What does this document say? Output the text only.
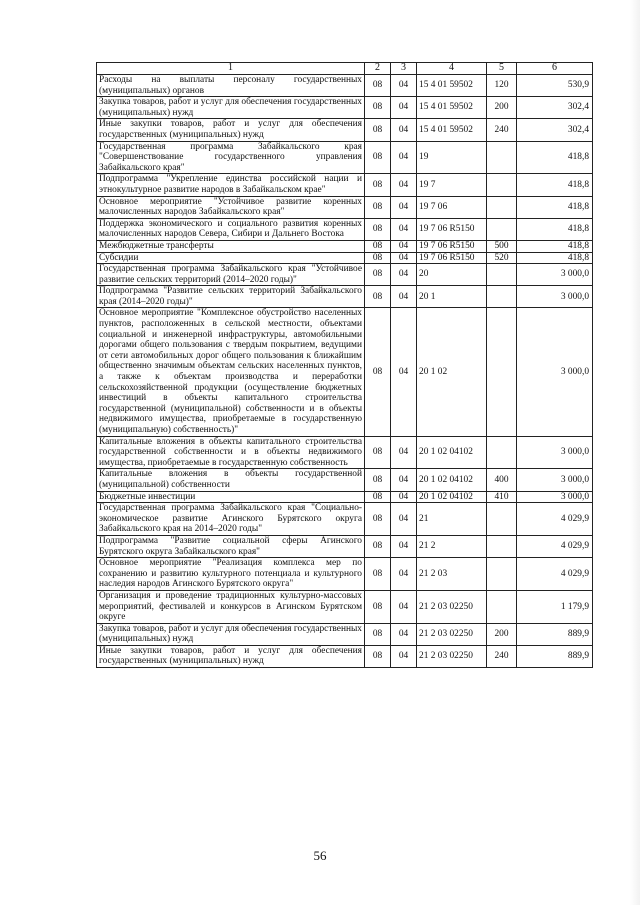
1	2	3	4	5	6
Расходы на выплаты персоналу государственных (муниципальных) органов	08	04	15 4 01 59502	120	530,9
Закупка товаров, работ и услуг для обеспечения государственных (муниципальных) нужд	08	04	15 4 01 59502	200	302,4
Иные закупки товаров, работ и услуг для обеспечения государственных (муниципальных) нужд	08	04	15 4 01 59502	240	302,4
Государственная программа Забайкальского края "Совершенствование государственного управления Забайкальского края"	08	04	19		418,8
Подпрограмма "Укрепление единства российской нации и этнокультурное развитие народов в Забайкальском крае"	08	04	19 7		418,8
Основное мероприятие "Устойчивое развитие коренных малочисленных народов Забайкальского края"	08	04	19 7 06		418,8
Поддержка экономического и социального развития коренных малочисленных народов Севера, Сибири и Дальнего Востока	08	04	19 7 06 R5150		418,8
Межбюджетные трансферты	08	04	19 7 06 R5150	500	418,8
Субсидии	08	04	19 7 06 R5150	520	418,8
Государственная программа Забайкальского края "Устойчивое развитие сельских территорий (2014–2020 годы)"	08	04	20		3 000,0
Подпрограмма "Развитие сельских территорий Забайкальского края (2014–2020 годы)"	08	04	20 1		3 000,0
Основное мероприятие "Комплексное обустройство населенных пунктов, расположенных в сельской местности, объектами социальной и инженерной инфраструктуры, автомобильными дорогами общего пользования с твердым покрытием, ведущими от сети автомобильных дорог общего пользования к ближайшим общественно значимым объектам сельских населенных пунктов, а также к объектам производства и переработки сельскохозяйственной продукции (осуществление бюджетных инвестиций в объекты капитального строительства государственной (муниципальной) собственности и в объекты недвижимого имущества, приобретаемые в государственную (муниципальную) собственность)"	08	04	20 1 02		3 000,0
Капитальные вложения в объекты капитального строительства государственной собственности и в объекты недвижимого имущества, приобретаемые в государственную собственность	08	04	20 1 02 04102		3 000,0
Капитальные вложения в объекты государственной (муниципальной) собственности	08	04	20 1 02 04102	400	3 000,0
Бюджетные инвестиции	08	04	20 1 02 04102	410	3 000,0
Государственная программа Забайкальского края "Социально-экономическое развитие Агинского Бурятского округа Забайкальского края на 2014–2020 годы"	08	04	21		4 029,9
Подпрограмма "Развитие социальной сферы Агинского Бурятского округа Забайкальского края"	08	04	21 2		4 029,9
Основное мероприятие "Реализация комплекса мер по сохранению и развитию культурного потенциала и культурного наследия народов Агинского Бурятского округа"	08	04	21 2 03		4 029,9
Организация и проведение традиционных культурно-массовых мероприятий, фестивалей и конкурсов в Агинском Бурятском округе	08	04	21 2 03 02250		1 179,9
Закупка товаров, работ и услуг для обеспечения государственных (муниципальных) нужд	08	04	21 2 03 02250	200	889,9
Иные закупки товаров, работ и услуг для обеспечения государственных (муниципальных) нужд	08	04	21 2 03 02250	240	889,9
56
